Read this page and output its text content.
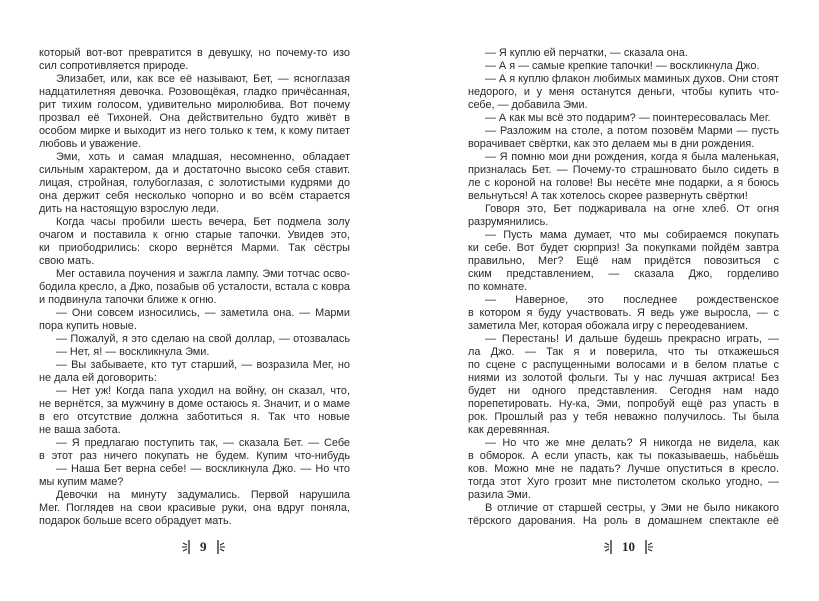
который вот-вот превратится в девушку, но почему-то изо
сил сопротивляется природе.
Элизабет, или, как все её называют, Бет, — ясноглазая
надцатилетняя девочка. Розовощёкая, гладко причёсанная,
рит тихим голосом, удивительно миролюбива. Вот почему
прозвал её Тихоней. Она действительно будто живёт в
особом мирке и выходит из него только к тем, к кому питает
любовь и уважение.
Эми, хоть и самая младшая, несомненно, обладает
сильным характером, да и достаточно высоко себя ставит.
лицая, стройная, голубоглазая, с золотистыми кудрями до
она держит себя несколько чопорно и во всём старается
дить на настоящую взрослую леди.
Когда часы пробили шесть вечера, Бет подмела золу
очагом и поставила к огню старые тапочки. Увидев это,
ки приободрились: скоро вернётся Марми. Так сёстры
свою мать.
Мег оставила поучения и зажгла лампу. Эми тотчас осво-
бодила кресло, а Джо, позабыв об усталости, встала с ковра
и подвинула тапочки ближе к огню.
— Они совсем износились, — заметила она. — Марми
пора купить новые.
— Пожалуй, я это сделаю на свой доллар, — отозвалась
— Нет, я! — воскликнула Эми.
— Вы забываете, кто тут старший, — возразила Мег, но
не дала ей договорить:
— Нет уж! Когда папа уходил на войну, он сказал, что,
не вернётся, за мужчину в доме остаюсь я. Значит, и о маме
в его отсутствие должна заботиться я. Так что новые
не ваша забота.
— Я предлагаю поступить так, — сказала Бет. — Себе
в этот раз ничего покупать не будем. Купим что-нибудь
— Наша Бет верна себе! — воскликнула Джо. — Но что
мы купим маме?
Девочки на минуту задумались. Первой нарушила
Мег. Поглядев на свои красивые руки, она вдруг поняла,
подарок больше всего обрадует мать.
— Я куплю ей перчатки, — сказала она.
— А я — самые крепкие тапочки! — воскликнула Джо.
— А я куплю флакон любимых маминых духов. Они стоят
недорого, и у меня останутся деньги, чтобы купить что-
себе, — добавила Эми.
— А как мы всё это подарим? — поинтересовалась Мег.
— Разложим на столе, а потом позовём Марми — пусть
ворачивает свёртки, как это делаем мы в дни рождения.
— Я помню мои дни рождения, когда я была маленькая,
призналась Бет. — Почему-то страшновато было сидеть в
ле с короной на голове! Вы несёте мне подарки, а я боюсь
вельнуться! А так хотелось скорее развернуть свёртки!
Говоря это, Бет поджаривала на огне хлеб. От огня
разрумянились.
— Пусть мама думает, что мы собираемся покупать
ки себе. Вот будет сюрприз! За покупками пойдём завтра
правильно, Мег? Ещё нам придётся повозиться с
ским представлением, — сказала Джо, горделиво
по комнате.
— Наверное, это последнее рождественское
в котором я буду участвовать. Я ведь уже выросла, — с
заметила Мег, которая обожала игру с переодеванием.
— Перестань! И дальше будешь прекрасно играть, —
ла Джо. — Так я и поверила, что ты откажешься
по сцене с распущенными волосами и в белом платье с
ниями из золотой фольги. Ты у нас лучшая актриса! Без
будет ни одного представления. Сегодня нам надо
порепетировать. Ну-ка, Эми, попробуй ещё раз упасть в
рок. Прошлый раз у тебя неважно получилось. Ты была
как деревянная.
— Но что же мне делать? Я никогда не видела, как
в обморок. А если упасть, как ты показываешь, набьёшь
ков. Можно мне не падать? Лучше опуститься в кресло.
тогда этот Хуго грозит мне пистолетом сколько угодно, —
разила Эми.
В отличие от старшей сестры, у Эми не было никакого
тёрского дарования. На роль в домашнем спектакле её
9	10
